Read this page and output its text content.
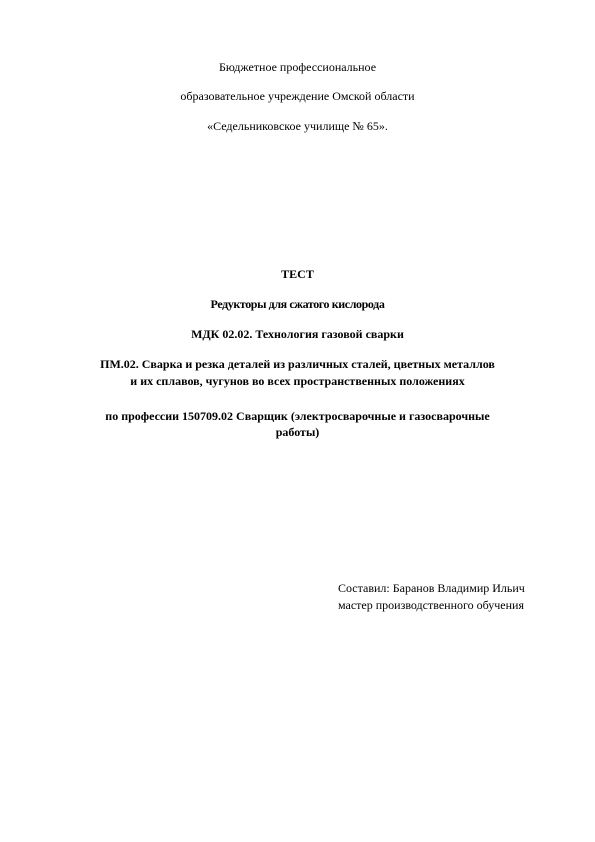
Бюджетное профессиональное
образовательное учреждение Омской области
«Седельниковское училище № 65».
ТЕСТ
Редукторы для сжатого кислорода
МДК 02.02. Технология газовой сварки
ПМ.02. Сварка и резка деталей из различных сталей, цветных металлов
и их сплавов, чугунов во всех пространственных положениях
по профессии 150709.02 Сварщик (электросварочные и газосварочные
работы)
Составил: Баранов Владимир Ильич
мастер производственного обучения
